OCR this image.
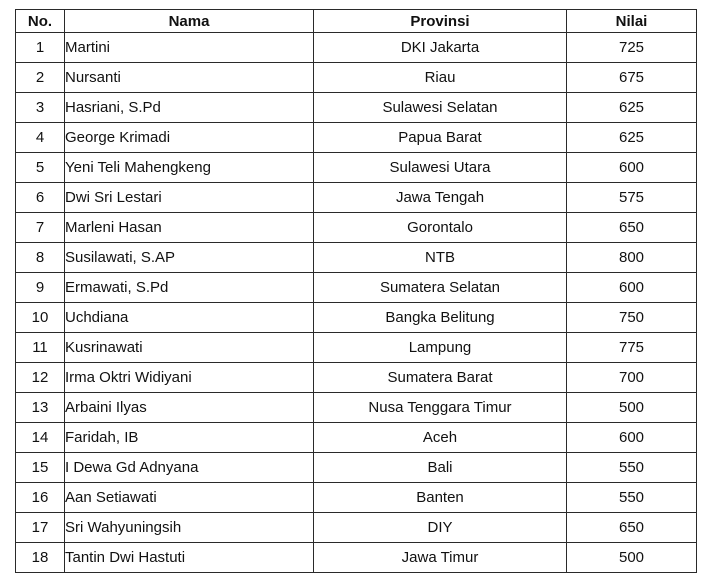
No.	Nama	Provinsi	Nilai
1	Martini	DKI Jakarta	725
2	Nursanti	Riau	675
3	Hasriani, S.Pd	Sulawesi Selatan	625
4	George Krimadi	Papua Barat	625
5	Yeni Teli Mahengkeng	Sulawesi Utara	600
6	Dwi Sri Lestari	Jawa Tengah	575
7	Marleni Hasan	Gorontalo	650
8	Susilawati, S.AP	NTB	800
9	Ermawati, S.Pd	Sumatera Selatan	600
10	Uchdiana	Bangka Belitung	750
11	Kusrinawati	Lampung	775
12	Irma Oktri Widiyani	Sumatera Barat	700
13	Arbaini Ilyas	Nusa Tenggara Timur	500
14	Faridah, IB	Aceh	600
15	I Dewa Gd Adnyana	Bali	550
16	Aan Setiawati	Banten	550
17	Sri Wahyuningsih	DIY	650
18	Tantin Dwi Hastuti	Jawa Timur	500
